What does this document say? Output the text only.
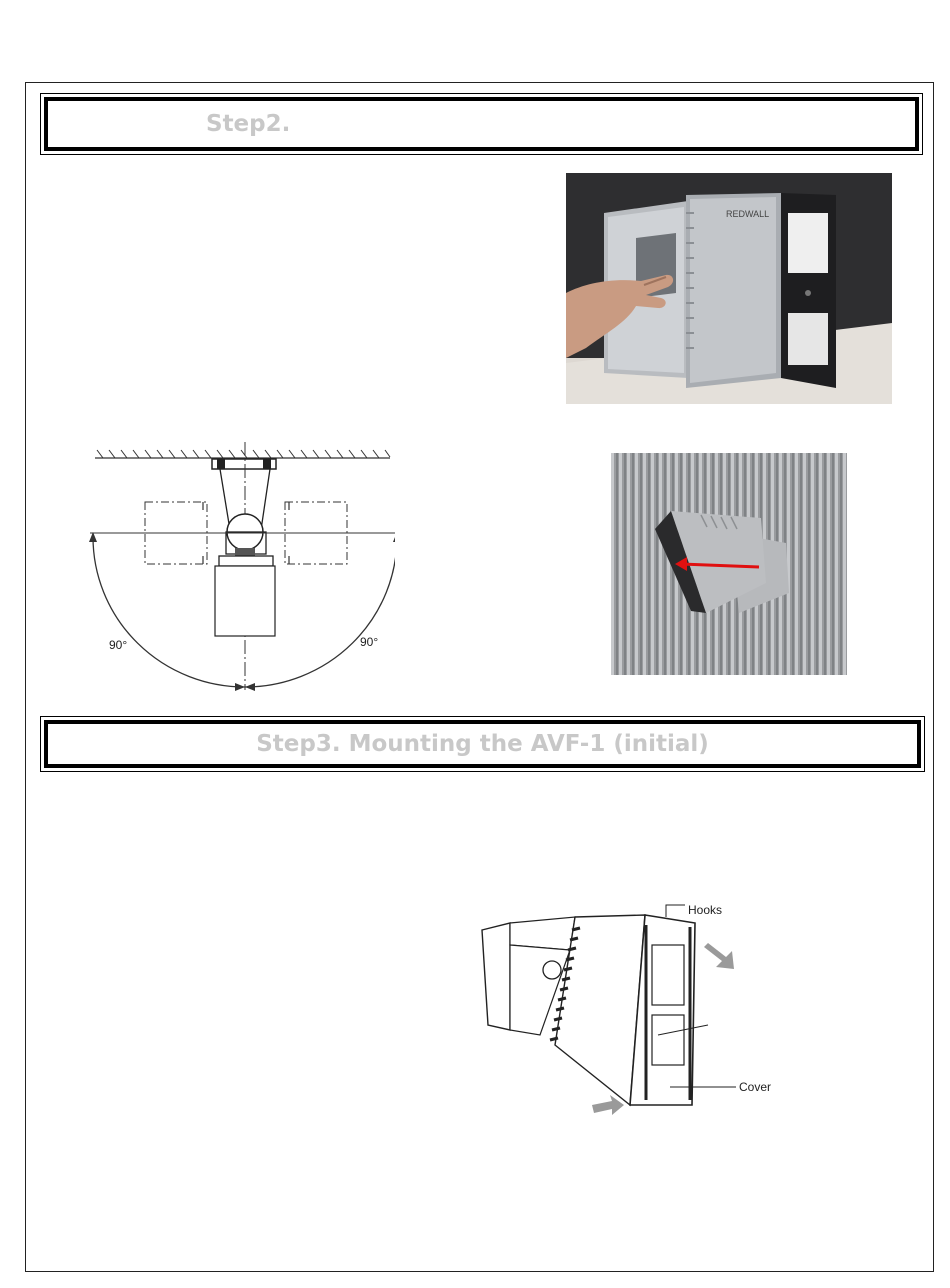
Step2.
REDWALL
90°	90°
Step3. Mounting the AVF-1 (initial)
Hooks
Cover
